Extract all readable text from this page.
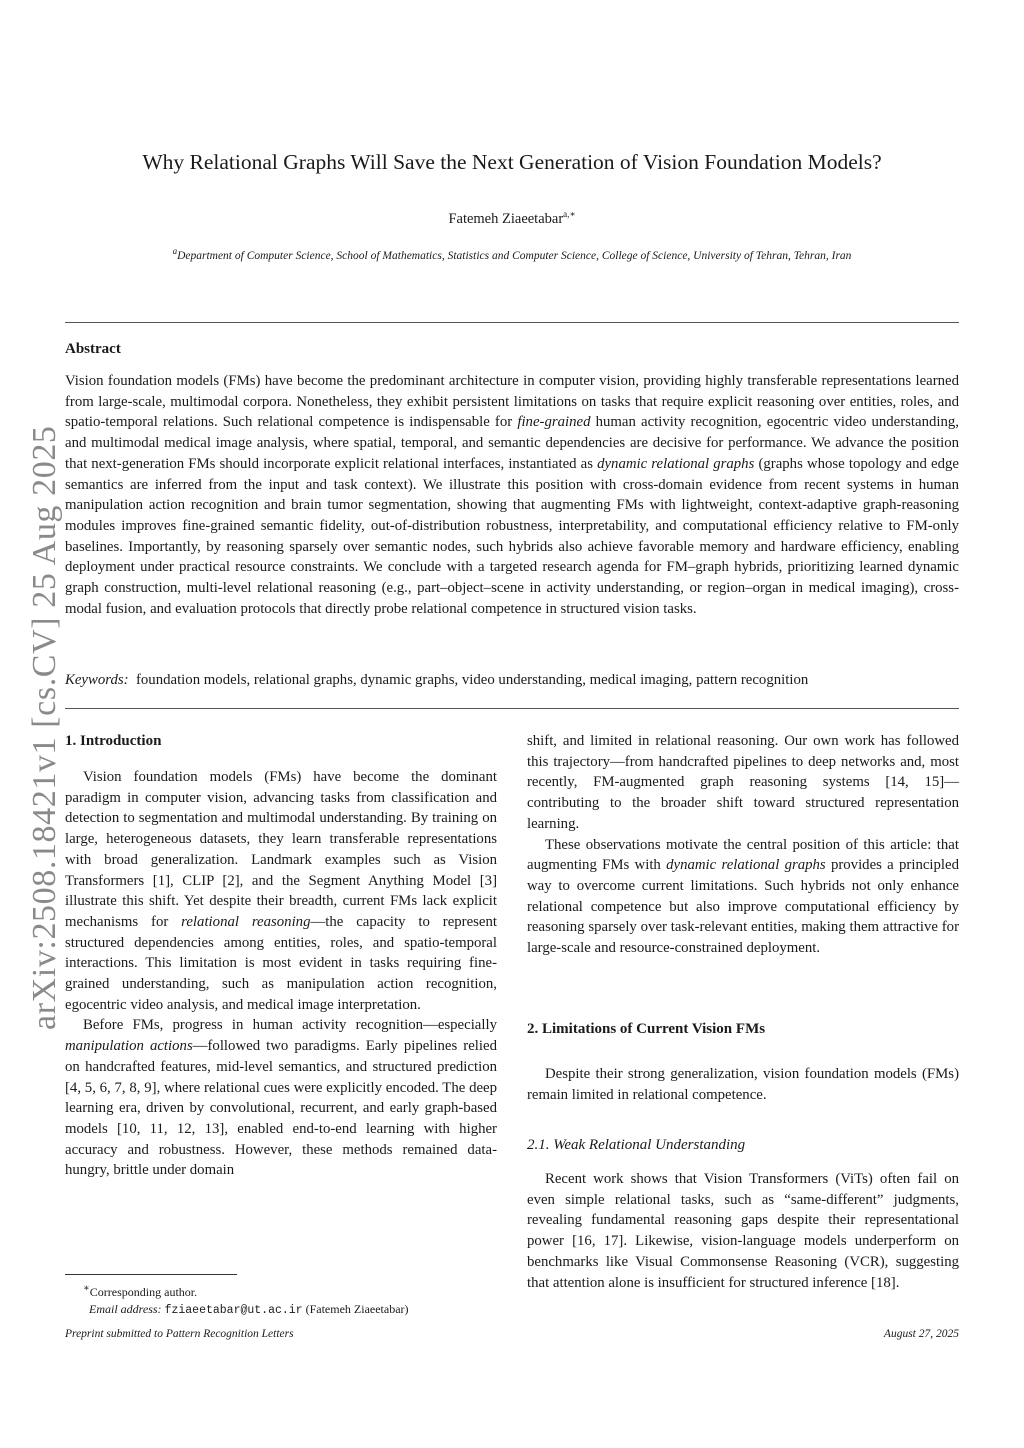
arXiv:2508.18421v1 [cs.CV] 25 Aug 2025
Why Relational Graphs Will Save the Next Generation of Vision Foundation Models?
Fatemeh Ziaeetabar$^{a,∗}$
$^a$Department of Computer Science, School of Mathematics, Statistics and Computer Science, College of Science, University of Tehran, Tehran, Iran
Abstract
Vision foundation models (FMs) have become the predominant architecture in computer vision, providing highly transferable representations learned from large-scale, multimodal corpora. Nonetheless, they exhibit persistent limitations on tasks that require explicit reasoning over entities, roles, and spatio-temporal relations. Such relational competence is indispensable for fine-grained human activity recognition, egocentric video understanding, and multimodal medical image analysis, where spatial, temporal, and semantic dependencies are decisive for performance. We advance the position that next-generation FMs should incorporate explicit relational interfaces, instantiated as dynamic relational graphs (graphs whose topology and edge semantics are inferred from the input and task context). We illustrate this position with cross-domain evidence from recent systems in human manipulation action recognition and brain tumor segmentation, showing that augmenting FMs with lightweight, context-adaptive graph-reasoning modules improves fine-grained semantic fidelity, out-of-distribution robustness, interpretability, and computational efficiency relative to FM-only baselines. Importantly, by reasoning sparsely over semantic nodes, such hybrids also achieve favorable memory and hardware efficiency, enabling deployment under practical resource constraints. We conclude with a targeted research agenda for FM–graph hybrids, prioritizing learned dynamic graph construction, multi-level relational reasoning (e.g., part–object–scene in activity understanding, or region–organ in medical imaging), cross-modal fusion, and evaluation protocols that directly probe relational competence in structured vision tasks.
Keywords: foundation models, relational graphs, dynamic graphs, video understanding, medical imaging, pattern recognition
1. Introduction

Vision foundation models (FMs) have become the dominant paradigm in computer vision, advancing tasks from classification and detection to segmentation and multimodal understanding. By training on large, heterogeneous datasets, they learn transferable representations with broad generalization. Landmark examples such as Vision Transformers [1], CLIP [2], and the Segment Anything Model [3] illustrate this shift. Yet despite their breadth, current FMs lack explicit mechanisms for relational reasoning—the capacity to represent structured dependencies among entities, roles, and spatio-temporal interactions. This limitation is most evident in tasks requiring fine-grained understanding, such as manipulation action recognition, egocentric video analysis, and medical image interpretation.

Before FMs, progress in human activity recognition—especially manipulation actions—followed two paradigms. Early pipelines relied on handcrafted features, mid-level semantics, and structured prediction [4, 5, 6, 7, 8, 9], where relational cues were explicitly encoded. The deep learning era, driven by convolutional, recurrent, and early graph-based models [10, 11, 12, 13], enabled end-to-end learning with higher accuracy and robustness. However, these methods remained data-hungry, brittle under domain

shift, and limited in relational reasoning. Our own work has followed this trajectory—from handcrafted pipelines to deep networks and, most recently, FM-augmented graph reasoning systems [14, 15]—contributing to the broader shift toward structured representation learning.

These observations motivate the central position of this article: that augmenting FMs with dynamic relational graphs provides a principled way to overcome current limitations. Such hybrids not only enhance relational competence but also improve computational efficiency by reasoning sparsely over task-relevant entities, making them attractive for large-scale and resource-constrained deployment.

2. Limitations of Current Vision FMs

Despite their strong generalization, vision foundation models (FMs) remain limited in relational competence.

2.1. Weak Relational Understanding

Recent work shows that Vision Transformers (ViTs) often fail on even simple relational tasks, such as “same-different” judgments, revealing fundamental reasoning gaps despite their representational power [16, 17]. Likewise, vision-language models underperform on benchmarks like Visual Commonsense Reasoning (VCR), suggesting that attention alone is insufficient for structured inference [18].

∗Corresponding author.
Email address: fziaeetabar@ut.ac.ir (Fatemeh Ziaeetabar)
Preprint submitted to Pattern Recognition Letters	August 27, 2025
